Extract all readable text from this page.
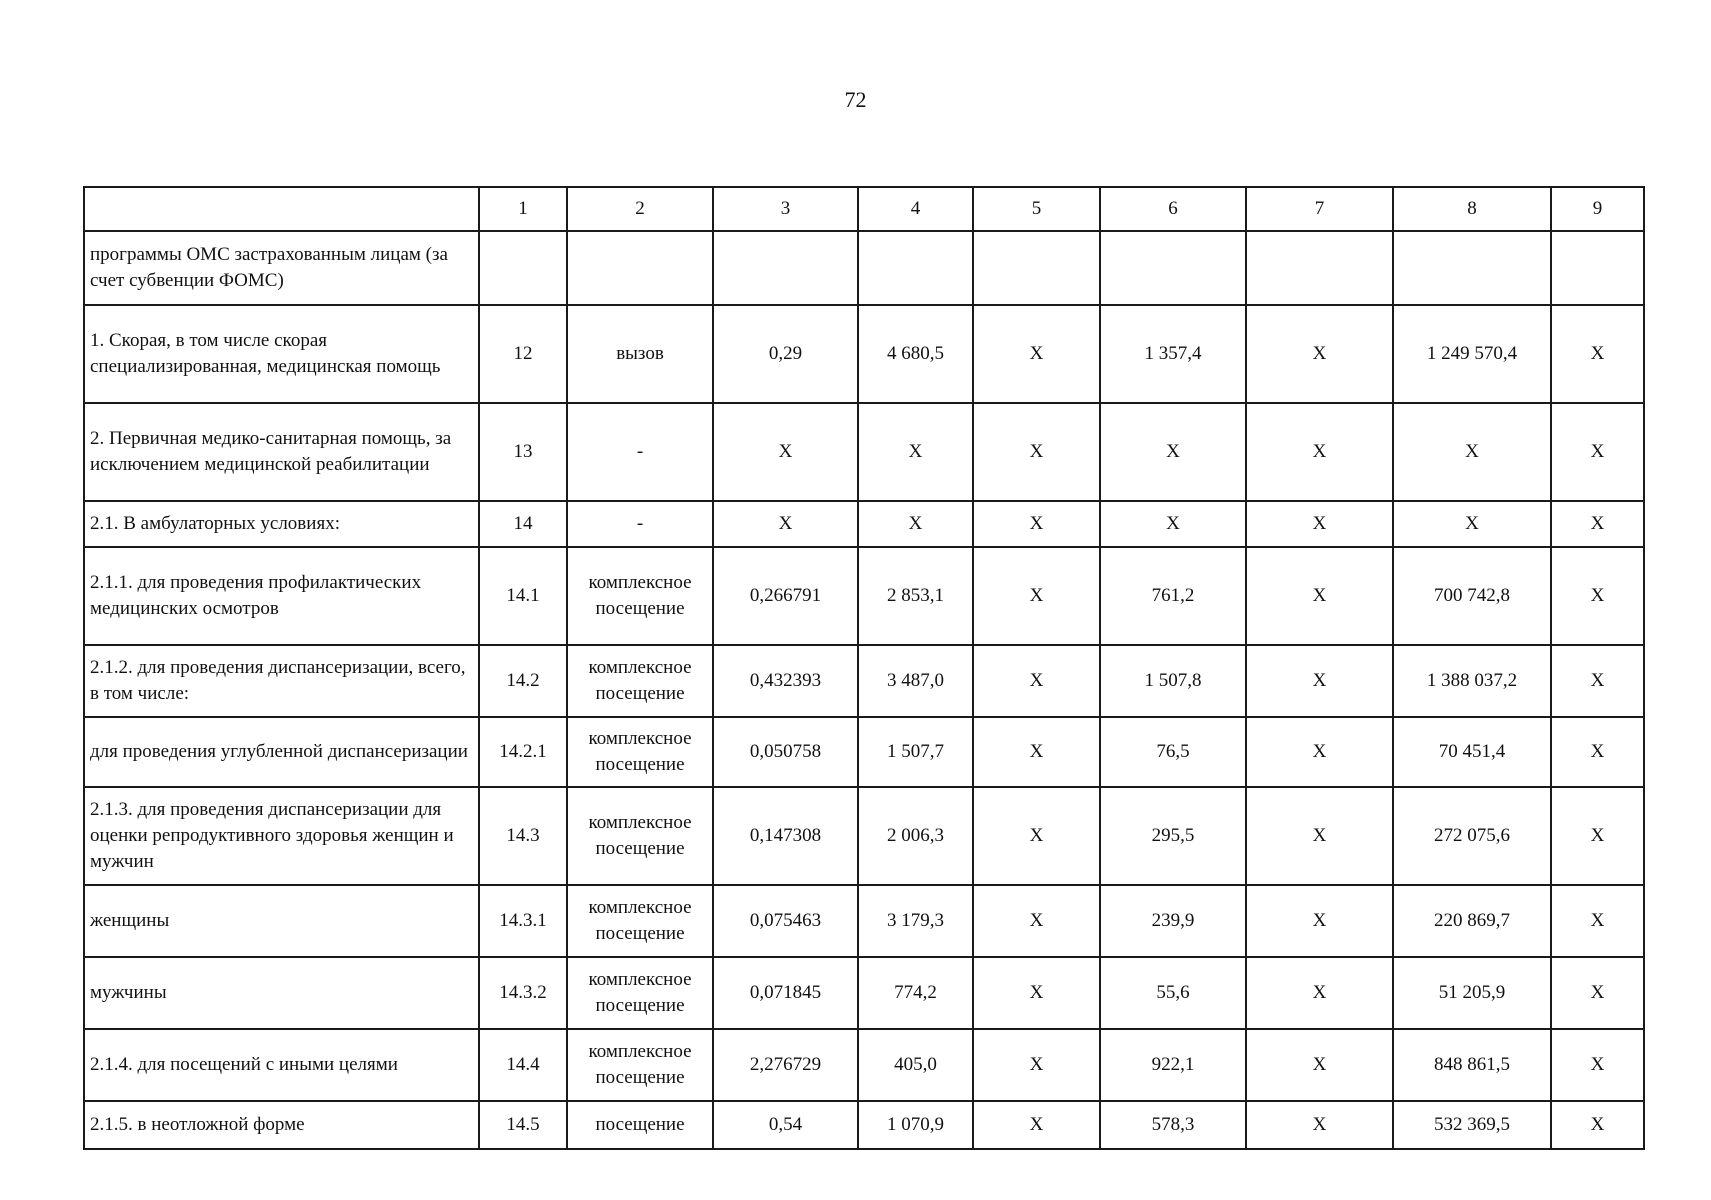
72
	1	2	3	4	5	6	7	8	9
программы ОМС застрахованным лицам (за счет субвенции ФОМС)									
1. Скорая, в том числе скорая специализированная, медицинская помощь	12	вызов	0,29	4 680,5	X	1 357,4	X	1 249 570,4	X
2. Первичная медико-санитарная помощь, за исключением медицинской реабилитации	13	-	X	X	X	X	X	X	X
2.1. В амбулаторных условиях:	14	-	X	X	X	X	X	X	X
2.1.1. для проведения профилактических медицинских осмотров	14.1	комплексное посещение	0,266791	2 853,1	X	761,2	X	700 742,8	X
2.1.2. для проведения диспансеризации, всего, в том числе:	14.2	комплексное посещение	0,432393	3 487,0	X	1 507,8	X	1 388 037,2	X
для проведения углубленной диспансеризации	14.2.1	комплексное посещение	0,050758	1 507,7	X	76,5	X	70 451,4	X
2.1.3. для проведения диспансеризации для оценки репродуктивного здоровья женщин и мужчин	14.3	комплексное посещение	0,147308	2 006,3	X	295,5	X	272 075,6	X
женщины	14.3.1	комплексное посещение	0,075463	3 179,3	X	239,9	X	220 869,7	X
мужчины	14.3.2	комплексное посещение	0,071845	774,2	X	55,6	X	51 205,9	X
2.1.4. для посещений с иными целями	14.4	комплексное посещение	2,276729	405,0	X	922,1	X	848 861,5	X
2.1.5. в неотложной форме	14.5	посещение	0,54	1 070,9	X	578,3	X	532 369,5	X
